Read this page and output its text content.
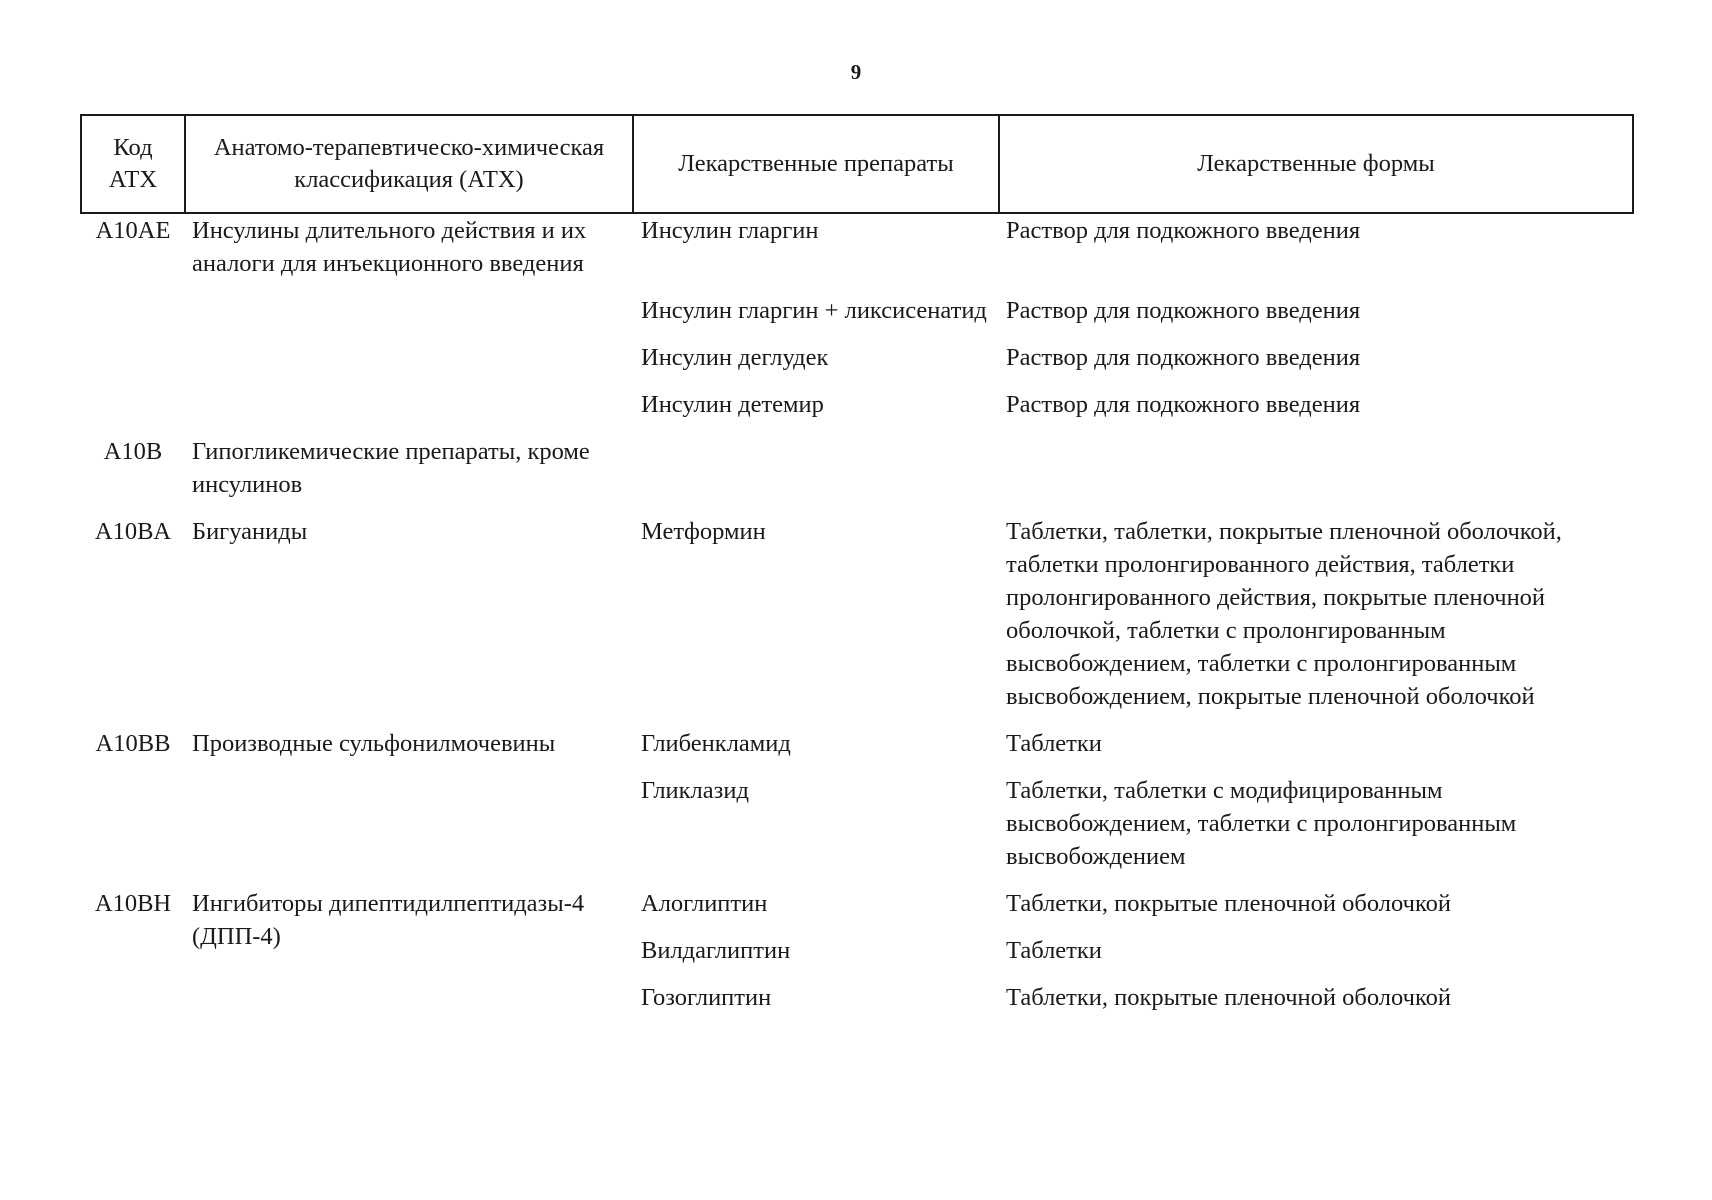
9
Код АТХ	Анатомо-терапевтическо-химическая классификация (АТХ)	Лекарственные препараты	Лекарственные формы
A10AE	Инсулины длительного действия и их аналоги для инъекционного введения	Инсулин гларгин	Раствор для подкожного введения
		Инсулин гларгин + ликсисенатид	Раствор для подкожного введения
		Инсулин деглудек	Раствор для подкожного введения
		Инсулин детемир	Раствор для подкожного введения
A10B	Гипогликемические препараты, кроме инсулинов		
A10BA	Бигуаниды	Метформин	Таблетки, таблетки, покрытые пленочной оболочкой, таблетки пролонгированного действия, таблетки пролонгированного действия, покрытые пленочной оболочкой, таблетки с пролонгированным высвобождением, таблетки с пролонгированным высвобождением, покрытые пленочной оболочкой
A10BB	Производные сульфонилмочевины	Глибенкламид	Таблетки
		Гликлазид	Таблетки, таблетки с модифицированным высвобождением, таблетки с пролонгированным высвобождением
A10BH	Ингибиторы дипептидилпептидазы-4 (ДПП-4)	Алоглиптин	Таблетки, покрытые пленочной оболочкой
		Вилдаглиптин	Таблетки
		Гозоглиптин	Таблетки, покрытые пленочной оболочкой
